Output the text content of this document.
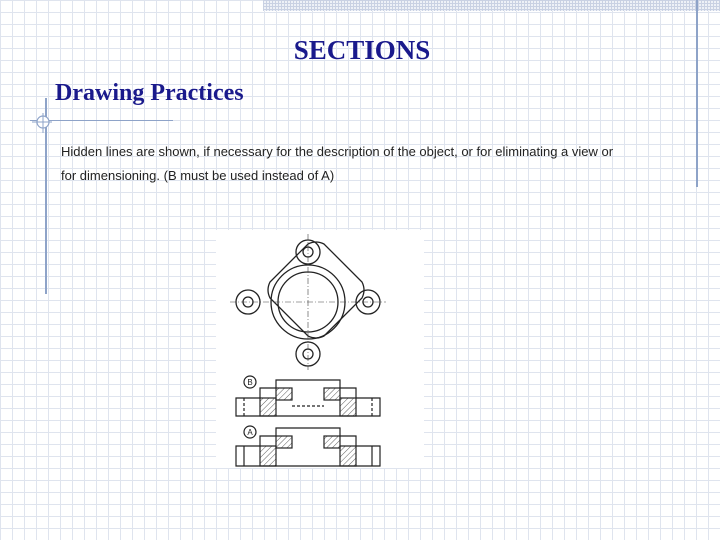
SECTIONS
Drawing Practices
Hidden lines are shown, if necessary for the description of the object, or for eliminating a view or
for dimensioning. (B must be used instead of A)
B
A
